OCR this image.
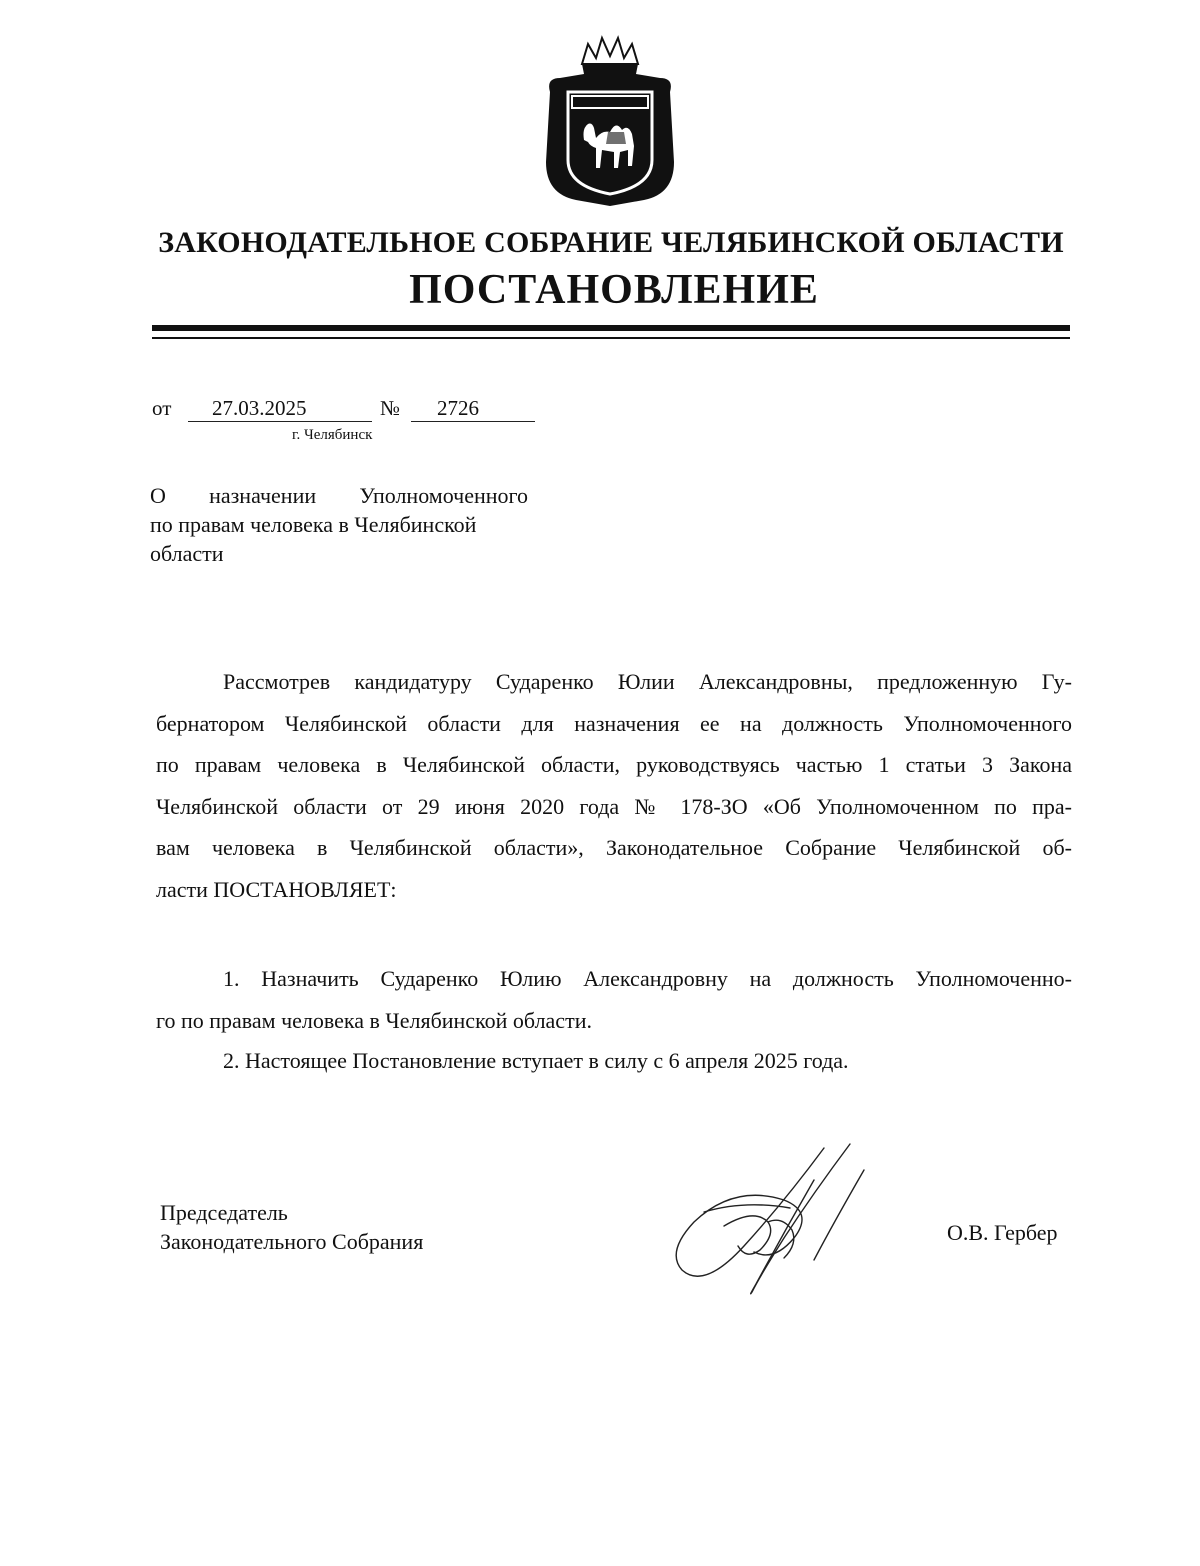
ЗАКОНОДАТЕЛЬНОЕ СОБРАНИЕ ЧЕЛЯБИНСКОЙ ОБЛАСТИ
ПОСТАНОВЛЕНИЕ
от 27.03.2025	№ 2726
г. Челябинск
О назначении Уполномоченного
по правам человека в Челябинской
области
Рассмотрев кандидатуру Сударенко Юлии Александровны, предложенную Гу-
бернатором Челябинской области для назначения ее на должность Уполномоченного
по правам человека в Челябинской области, руководствуясь частью 1 статьи 3 Закона
Челябинской области от 29 июня 2020 года № 178-ЗО «Об Уполномоченном по пра-
вам человека в Челябинской области», Законодательное Собрание Челябинской об-
ласти ПОСТАНОВЛЯЕТ:
1. Назначить Сударенко Юлию Александровну на должность Уполномоченно-
го по правам человека в Челябинской области.
2. Настоящее Постановление вступает в силу с 6 апреля 2025 года.
Председатель
Законодательного Собрания	О.В. Гербер
